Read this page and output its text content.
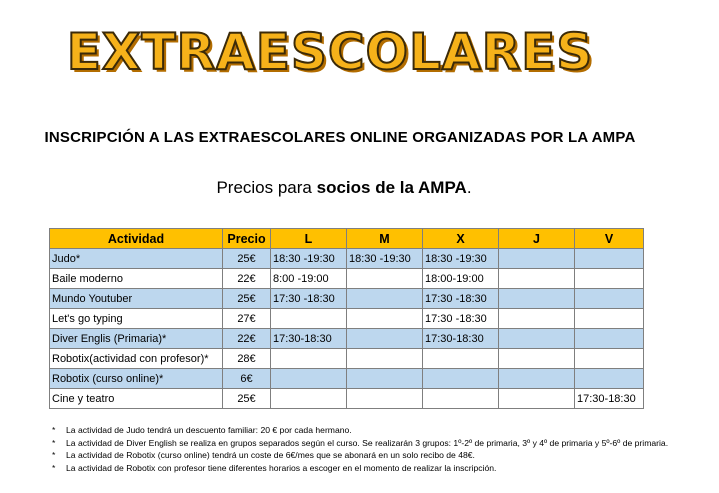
EXTRAESCOLARES
INSCRIPCIÓN A LAS EXTRAESCOLARES ONLINE ORGANIZADAS POR LA AMPA
Precios para socios de la AMPA.
Actividad	Precio	L	M	X	J	V
Judo*	25€	18:30 -19:30	18:30 -19:30	18:30 -19:30		
Baile moderno	22€	8:00 -19:00		18:00-19:00		
Mundo Youtuber	25€	17:30 -18:30		17:30 -18:30		
Let's go typing	27€			17:30 -18:30		
Diver Englis (Primaria)*	22€	17:30-18:30		17:30-18:30		
Robotix(actividad con profesor)*	28€					
Robotix (curso online)*	6€					
Cine y teatro	25€					17:30-18:30
*	La actividad de Judo tendrá un descuento familiar: 20 € por cada hermano.
*	La actividad de Diver English se realiza en grupos separados según el curso. Se realizarán 3 grupos: 1º-2º de primaria, 3º y 4º de primaria y 5º-6º de primaria.
*	La actividad de Robotix (curso online) tendrá un coste de 6€/mes que se abonará en un solo recibo de 48€.
*	La actividad de Robotix con profesor tiene diferentes horarios a escoger en el momento de realizar la inscripción.
